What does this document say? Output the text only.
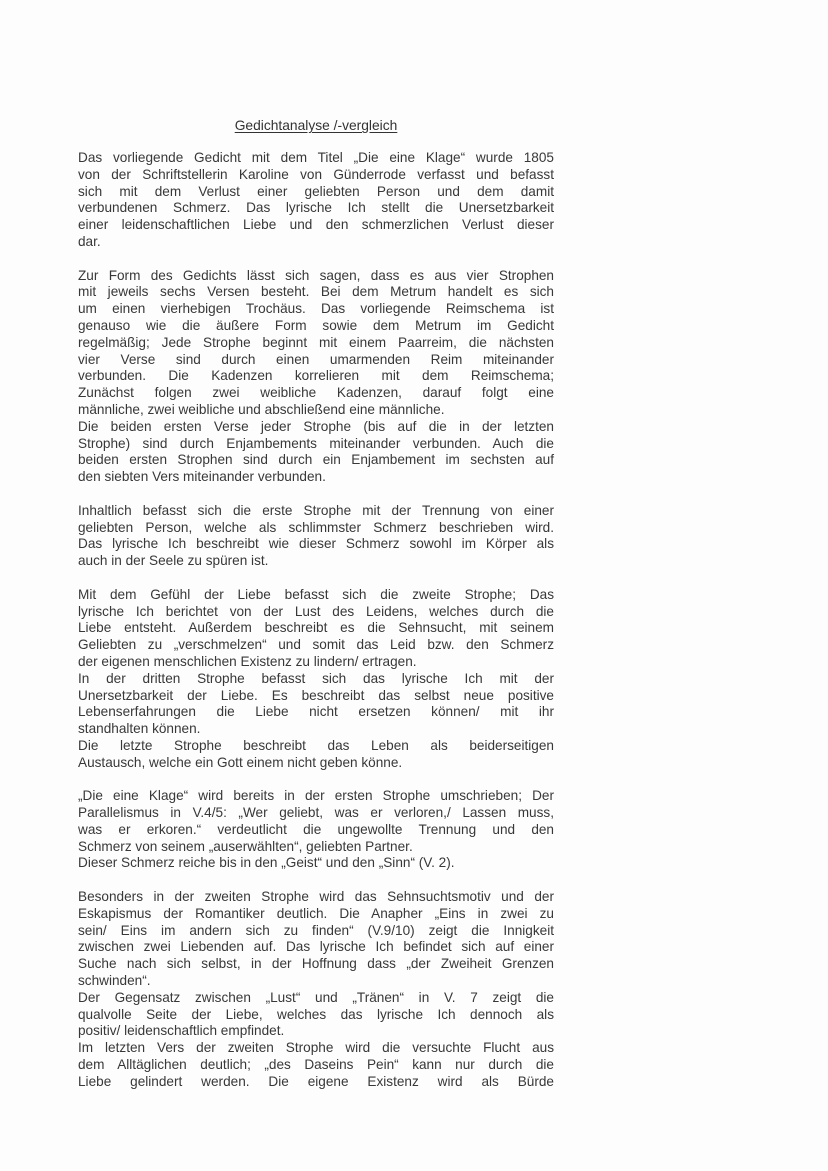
Gedichtanalyse /-vergleich
Das vorliegende Gedicht mit dem Titel „Die eine Klage“ wurde 1805
von der Schriftstellerin Karoline von Günderrode verfasst und befasst
sich mit dem Verlust einer geliebten Person und dem damit
verbundenen Schmerz. Das lyrische Ich stellt die Unersetzbarkeit
einer leidenschaftlichen Liebe und den schmerzlichen Verlust dieser
dar.
Zur Form des Gedichts lässt sich sagen, dass es aus vier Strophen
mit jeweils sechs Versen besteht. Bei dem Metrum handelt es sich
um einen vierhebigen Trochäus. Das vorliegende Reimschema ist
genauso wie die äußere Form sowie dem Metrum im Gedicht
regelmäßig; Jede Strophe beginnt mit einem Paarreim, die nächsten
vier Verse sind durch einen umarmenden Reim miteinander
verbunden. Die Kadenzen korrelieren mit dem Reimschema;
Zunächst folgen zwei weibliche Kadenzen, darauf folgt eine
männliche, zwei weibliche und abschließend eine männliche.
Die beiden ersten Verse jeder Strophe (bis auf die in der letzten
Strophe) sind durch Enjambements miteinander verbunden. Auch die
beiden ersten Strophen sind durch ein Enjambement im sechsten auf
den siebten Vers miteinander verbunden.
Inhaltlich befasst sich die erste Strophe mit der Trennung von einer
geliebten Person, welche als schlimmster Schmerz beschrieben wird.
Das lyrische Ich beschreibt wie dieser Schmerz sowohl im Körper als
auch in der Seele zu spüren ist.
Mit dem Gefühl der Liebe befasst sich die zweite Strophe; Das
lyrische Ich berichtet von der Lust des Leidens, welches durch die
Liebe entsteht. Außerdem beschreibt es die Sehnsucht, mit seinem
Geliebten zu „verschmelzen“ und somit das Leid bzw. den Schmerz
der eigenen menschlichen Existenz zu lindern/ ertragen.
In der dritten Strophe befasst sich das lyrische Ich mit der
Unersetzbarkeit der Liebe. Es beschreibt das selbst neue positive
Lebenserfahrungen die Liebe nicht ersetzen können/ mit ihr
standhalten können.
Die letzte Strophe beschreibt das Leben als beiderseitigen
Austausch, welche ein Gott einem nicht geben könne.
„Die eine Klage“ wird bereits in der ersten Strophe umschrieben; Der
Parallelismus in V.4/5: „Wer geliebt, was er verloren,/ Lassen muss,
was er erkoren.“ verdeutlicht die ungewollte Trennung und den
Schmerz von seinem „auserwählten“, geliebten Partner.
Dieser Schmerz reiche bis in den „Geist“ und den „Sinn“ (V. 2).
Besonders in der zweiten Strophe wird das Sehnsuchtsmotiv und der
Eskapismus der Romantiker deutlich. Die Anapher „Eins in zwei zu
sein/ Eins im andern sich zu finden“ (V.9/10) zeigt die Innigkeit
zwischen zwei Liebenden auf. Das lyrische Ich befindet sich auf einer
Suche nach sich selbst, in der Hoffnung dass „der Zweiheit Grenzen
schwinden“.
Der Gegensatz zwischen „Lust“ und „Tränen“ in V. 7 zeigt die
qualvolle Seite der Liebe, welches das lyrische Ich dennoch als
positiv/ leidenschaftlich empfindet.
Im letzten Vers der zweiten Strophe wird die versuchte Flucht aus
dem Alltäglichen deutlich; „des Daseins Pein“ kann nur durch die
Liebe gelindert werden. Die eigene Existenz wird als Bürde
